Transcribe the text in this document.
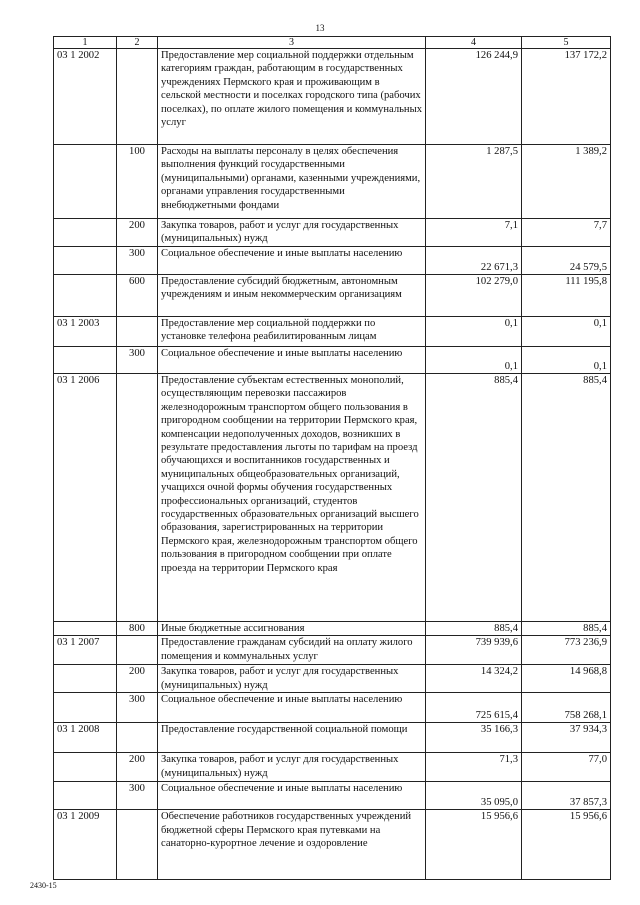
13
1	2	3	4	5
03 1 2002		Предоставление мер социальной поддержки отдельным категориям граждан, работающим в государственных учреждениях Пермского края и проживающим в сельской местности и поселках городского типа (рабочих поселках), по оплате жилого помещения и коммунальных услуг	126 244,9	137 172,2
	100	Расходы на выплаты персоналу в целях обеспечения выполнения функций государственными (муниципальными) органами, казенными учреждениями, органами управления государственными внебюджетными фондами	1 287,5	1 389,2
	200	Закупка товаров, работ и услуг для государственных (муниципальных) нужд	7,1	7,7
	300	Социальное обеспечение и иные выплаты населению	22 671,3	24 579,5
	600	Предоставление субсидий бюджетным, автономным учреждениям и иным некоммерческим организациям	102 279,0	111 195,8
03 1 2003		Предоставление мер социальной поддержки по установке телефона реабилитированным лицам	0,1	0,1
	300	Социальное обеспечение и иные выплаты населению	0,1	0,1
03 1 2006		Предоставление субъектам естественных монополий, осуществляющим перевозки пассажиров железнодорожным транспортом общего пользования в пригородном сообщении на территории Пермского края, компенсации недополученных доходов, возникших в результате предоставления льготы по тарифам на проезд обучающихся и воспитанников государственных и муниципальных общеобразовательных организаций, учащихся очной формы обучения государственных профессиональных организаций, студентов государственных образовательных организаций высшего образования, зарегистрированных на территории Пермского края, железнодорожным транспортом общего пользования в пригородном сообщении при оплате проезда на территории Пермского края	885,4	885,4
	800	Иные бюджетные ассигнования	885,4	885,4
03 1 2007		Предоставление гражданам субсидий на оплату жилого помещения и коммунальных услуг	739 939,6	773 236,9
	200	Закупка товаров, работ и услуг для государственных (муниципальных) нужд	14 324,2	14 968,8
	300	Социальное обеспечение и иные выплаты населению	725 615,4	758 268,1
03 1 2008		Предоставление государственной социальной помощи	35 166,3	37 934,3
	200	Закупка товаров, работ и услуг для государственных (муниципальных) нужд	71,3	77,0
	300	Социальное обеспечение и иные выплаты населению	35 095,0	37 857,3
03 1 2009		Обеспечение работников государственных учреждений бюджетной сферы Пермского края путевками на санаторно-курортное лечение и оздоровление	15 956,6	15 956,6
2430-15
